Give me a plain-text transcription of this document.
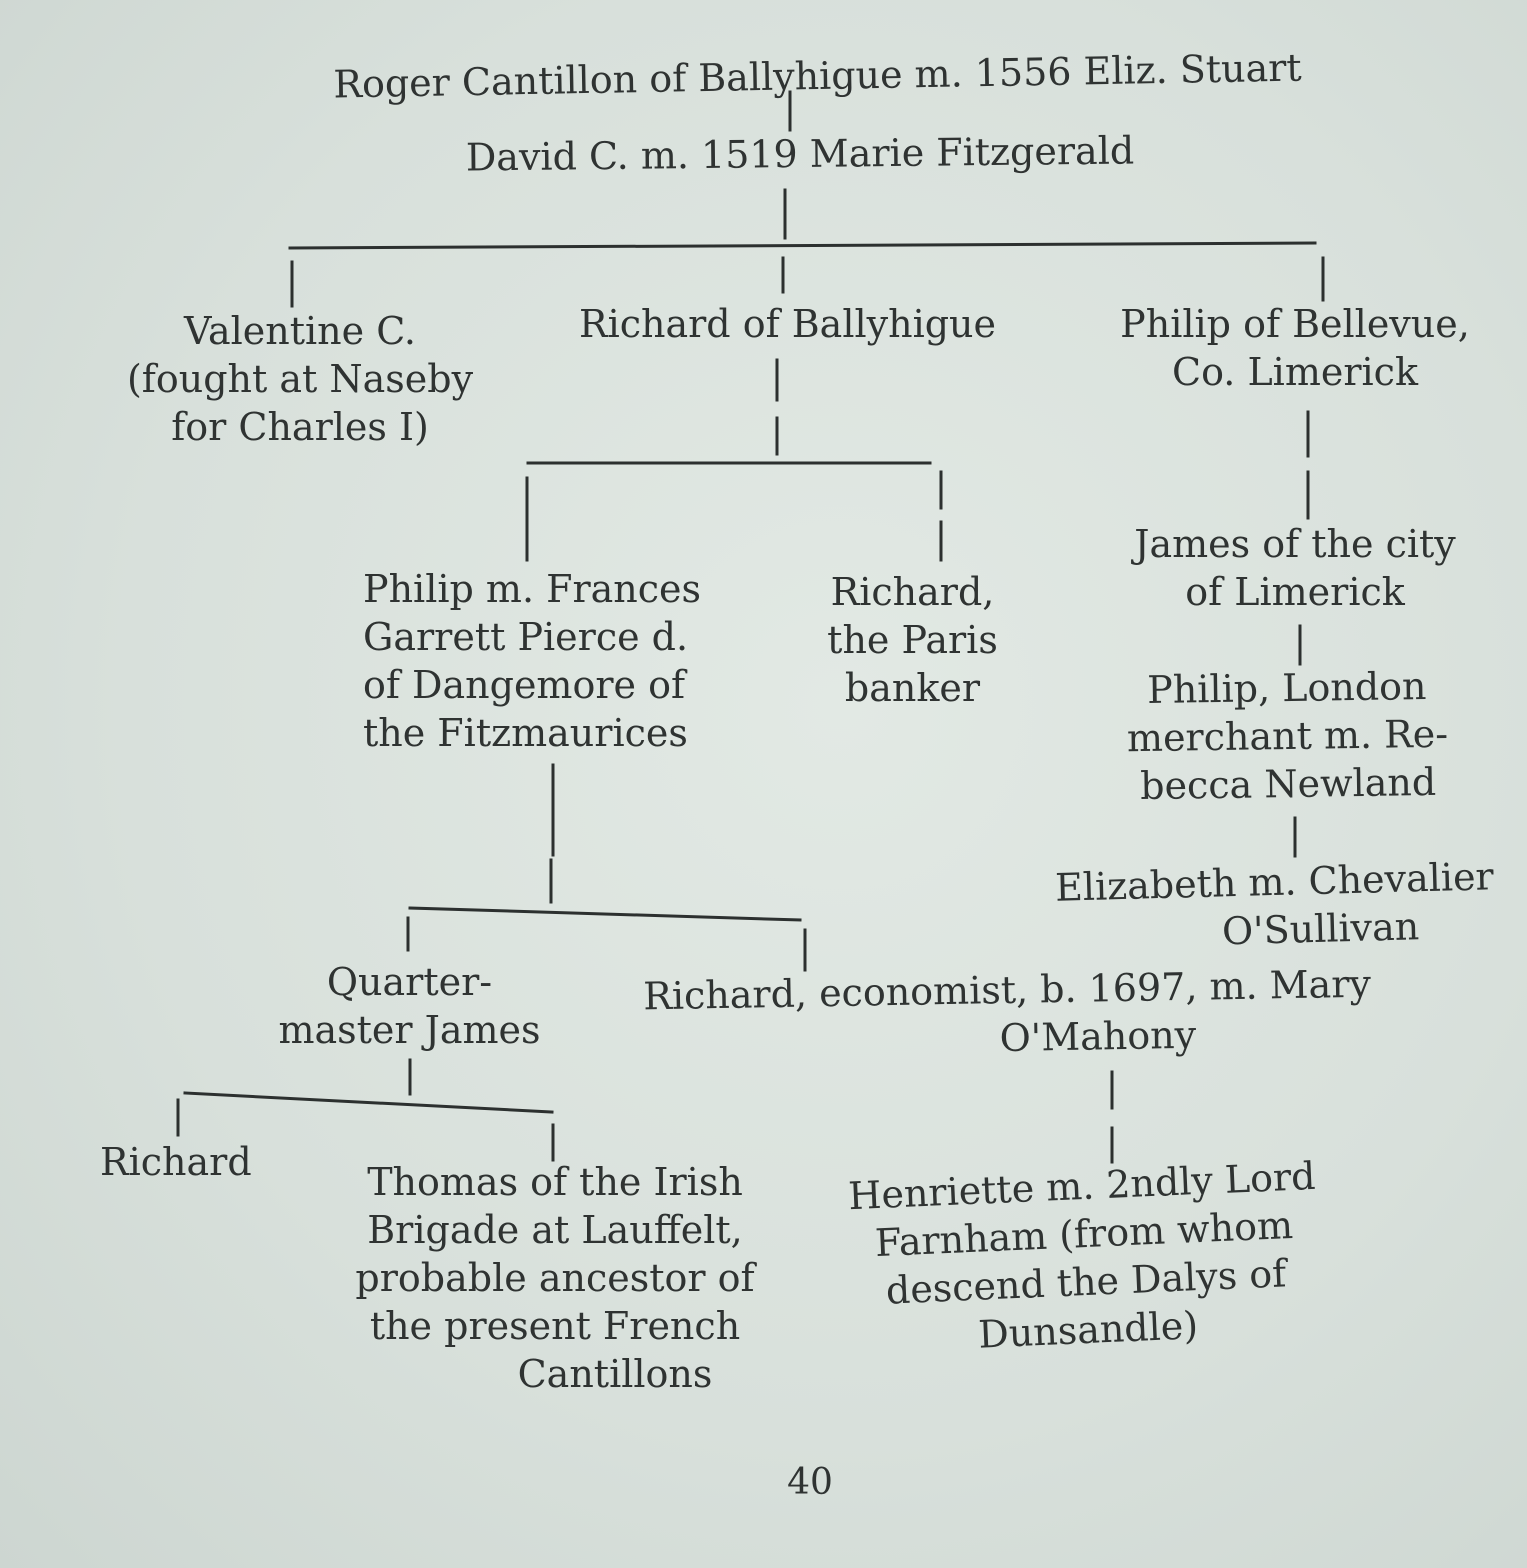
Roger Cantillon of Ballyhigue m. 1556 Eliz. Stuart
David C. m. 1519 Marie Fitzgerald
Valentine C.
(fought at Naseby
for Charles I)
Richard of Ballyhigue	Philip of Bellevue,
Co. Limerick
Philip m. Frances
Garrett Pierce d.
of Dangemore of
the Fitzmaurices
Richard,
the Paris
banker
James of the city
of Limerick
Philip, London
merchant m. Re-
becca Newland
Elizabeth m. Chevalier
O'Sullivan
Quarter-
master James
Richard, economist, b. 1697, m. Mary
O'Mahony
Richard	Thomas of the Irish
Brigade at Lauffelt,
probable ancestor of
the present French
Cantillons
Henriette m. 2ndly Lord
Farnham (from whom
descend the Dalys of
Dunsandle)
40
